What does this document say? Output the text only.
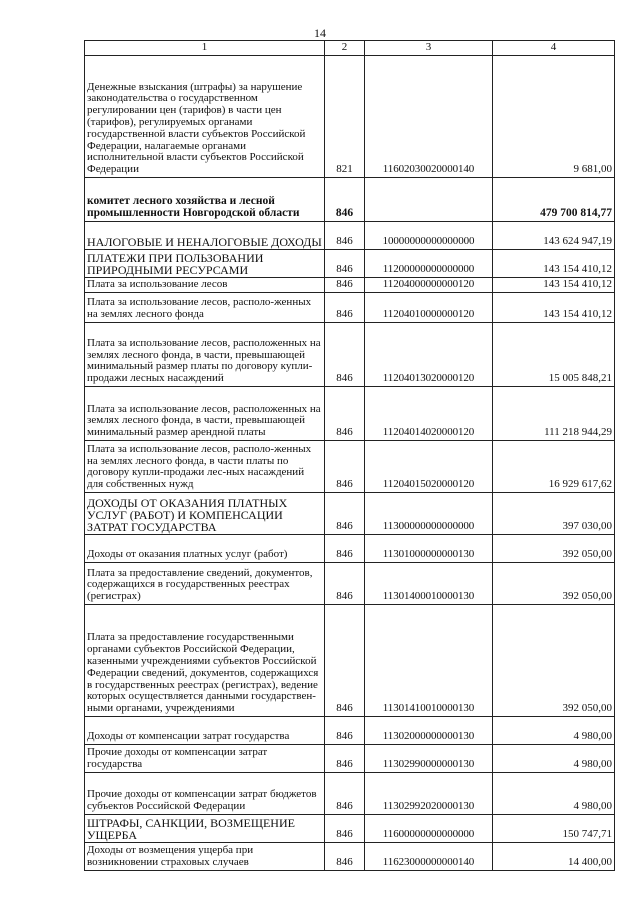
14
1	2	3	4
Денежные взыскания (штрафы) за нарушение законодательства о государственном регулировании цен (тарифов) в части цен (тарифов), регулируемых органами государственной власти субъектов Российской Федерации, налагаемые органами исполнительной власти субъектов Российской Федерации	821	11602030020000140	9 681,00
комитет лесного хозяйства и лесной промышленности Новгородской области	846		479 700 814,77
НАЛОГОВЫЕ И НЕНАЛОГОВЫЕ ДОХОДЫ	846	10000000000000000	143 624 947,19
ПЛАТЕЖИ ПРИ ПОЛЬЗОВАНИИ ПРИРОДНЫМИ РЕСУРСАМИ	846	11200000000000000	143 154 410,12
Плата за использование лесов	846	11204000000000120	143 154 410,12
Плата за использование лесов, располо-женных на землях лесного фонда	846	11204010000000120	143 154 410,12
Плата за использование лесов, расположенных на землях лесного фонда, в части, превышающей минимальный размер платы по договору купли-продажи лесных насаждений	846	11204013020000120	15 005 848,21
Плата за использование лесов, расположенных на землях лесного фонда, в части, превышающей минимальный размер арендной платы	846	11204014020000120	111 218 944,29
Плата за использование лесов, располо-женных на землях лесного фонда, в части платы по договору купли-продажи лес-ных насаждений для собственных нужд	846	11204015020000120	16 929 617,62
ДОХОДЫ ОТ ОКАЗАНИЯ ПЛАТНЫХ УСЛУГ (РАБОТ) И КОМПЕНСАЦИИ ЗАТРАТ ГОСУДАРСТВА	846	11300000000000000	397 030,00
Доходы от оказания платных услуг (работ)	846	11301000000000130	392 050,00
Плата за предоставление сведений, документов, содержащихся в государственных реестрах (регистрах)	846	11301400010000130	392 050,00
Плата за предоставление государственными органами субъектов Российской Федерации, казенными учреждениями субъектов Российской Федерации сведений, документов, содержащихся в государственных реестрах (регистрах), ведение которых осуществляется данными государствен-ными органами, учреждениями	846	11301410010000130	392 050,00
Доходы от компенсации затрат государства	846	11302000000000130	4 980,00
Прочие доходы от компенсации затрат государства	846	11302990000000130	4 980,00
Прочие доходы от компенсации затрат бюджетов субъектов Российской Федерации	846	11302992020000130	4 980,00
ШТРАФЫ, САНКЦИИ, ВОЗМЕЩЕНИЕ УЩЕРБА	846	11600000000000000	150 747,71
Доходы от возмещения ущерба при возникновении страховых случаев	846	11623000000000140	14 400,00
